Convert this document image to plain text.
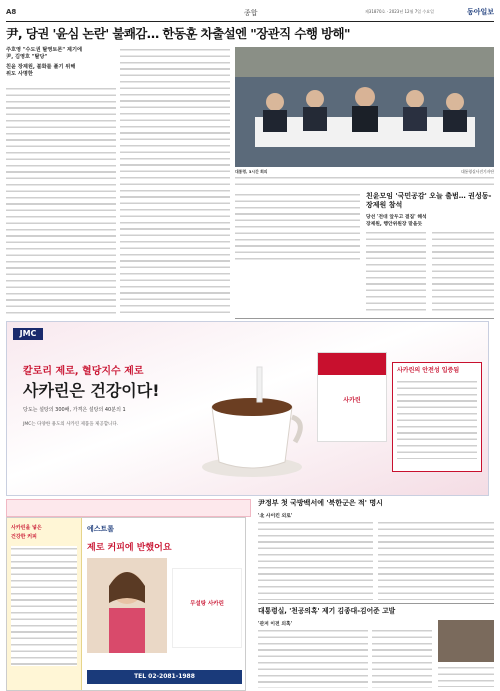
A8	종합	제31870호 · 2023년 12월 7일 수요일	동아일보
尹, 당권 '윤심 논란' 불쾌감… 한동훈 차출설엔 "장관직 수행 방해"
주호영 "수도권 탈영토론" 제기에
尹, 김영호 "탈당"
친윤 장제원, 불화를 풀기 위해
위도 사명한
대통령, 3시간 회의	대통령실사진기자단
친윤모임 '국민공감' 오늘 출범… 권성동-장제원 참석
당선 '전대 앞두고 결집' 해석
장제원, 행안위원장 맡을듯
JMC
칼로리 제로, 혈당지수 제로
사카린은 건강이다!
당도는 설탕의 300배, 가격은 설탕의 40분의 1
JMC는 다양한 용도의 사카린 제품을 제공합니다.
사카린
사카린의 안전성 입증됨
사카린을 넣은
건강한 커피
에스트롤
제로 커피에 반했어요
무설탕 사카린
TEL 02-2081-1988
尹정부 첫 국방백서에 '북한군은 적' 명시
'北 사이킨 외로'
대통령실, '천공의혹' 제기 김종대-김어준 고발
'관저 이전 의혹'
